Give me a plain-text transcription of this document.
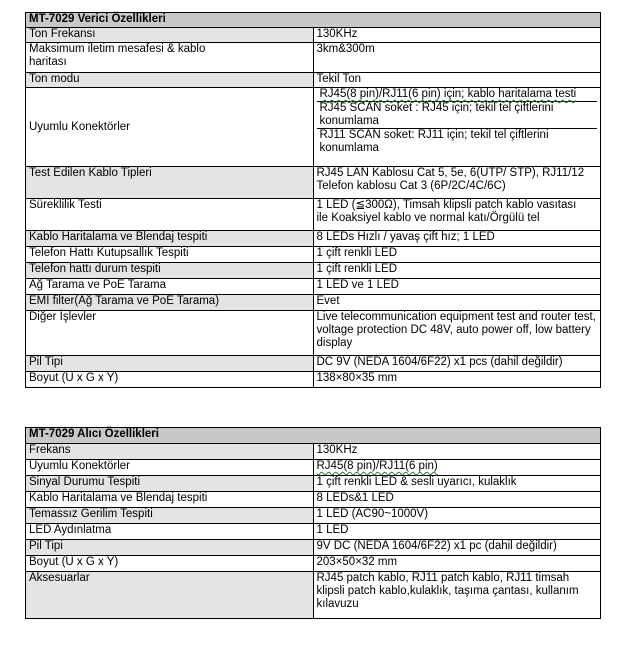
MT-7029 Verici Özellikleri	
Ton Frekansı	130KHz

Maksimum iletim mesafesi & kablo
haritası	3km&300m
Ton modu	Tekil Ton
Uyumlu Konektörler	RJ45(8 pin)/RJ11(6 pin) için; kablo haritalama testi
RJ45 SCAN soket : RJ45 için; tekil tel çiftlerini
konumlama
RJ11 SCAN soket: RJ11 için; tekil tel çiftlerini
konumlama

Test Edilen Kablo Tipleri	RJ45 LAN Kablosu Cat 5, 5e, 6(UTP/ STP), RJ11/12
Telefon kablosu Cat 3 (6P/2C/4C/6C)

Süreklilik Testi	1 LED (≦300Ω), Timsah klipsli patch kablo vasıtası
ile Koaksiyel kablo ve normal katı/Örgülü tel

Kablo Haritalama ve Blendaj tespiti	8 LEDs Hızlı / yavaş çift hız; 1 LED
Telefon Hattı Kutupsallık Tespiti	1 çift renkli LED
Telefon hattı durum tespiti	1 çift renkli LED
Ağ Tarama ve PoE Tarama	1 LED ve 1 LED
EMI filter(Ağ Tarama ve PoE Tarama)	Evet
Diğer İşlevler	Live telecommunication equipment test and router test,
voltage protection DC 48V, auto power off, low battery
display

Pil Tipi	DC 9V (NEDA 1604/6F22) x1 pcs (dahil değildir)
Boyut (U x G x Y)	138×80×35 mm
MT-7029 Alıcı Özellikleri	
Frekans	130KHz
Uyumlu Konektörler	RJ45(8 pin)/RJ11(6 pin)
Sinyal Durumu Tespiti	1 çift renkli LED & sesli uyarıcı, kulaklık
Kablo Haritalama ve Blendaj tespiti	8 LEDs&1 LED
Temassız Gerilim Tespiti	1 LED (AC90~1000V)
LED Aydınlatma	1 LED
Pil Tipi	9V DC (NEDA 1604/6F22) x1 pc (dahil değildir)
Boyut (U x G x Y)	203×50×32 mm
Aksesuarlar	RJ45 patch kablo, RJ11 patch kablo, RJ11 timsah
klipsli patch kablo,kulaklık, taşıma çantası, kullanım
kılavuzu
